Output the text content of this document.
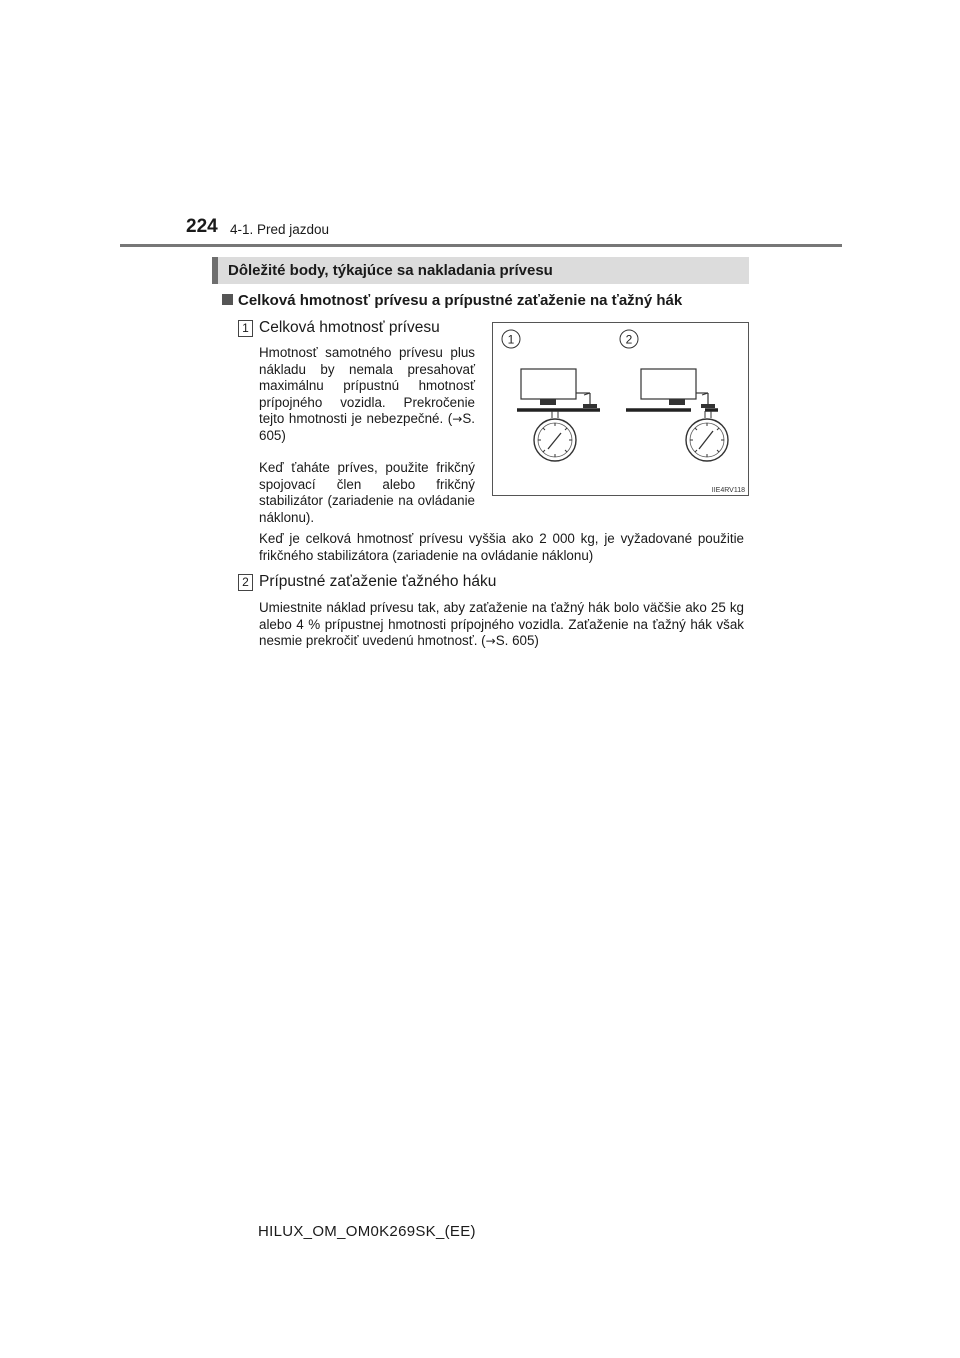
224 4-1. Pred jazdou
Dôležité body, týkajúce sa nakladania prívesu
Celková hmotnosť prívesu a prípustné zaťaženie na ťažný hák
1 Celková hmotnosť prívesu
Hmotnosť samotného prívesu plus nákladu by nemala presahovať maximálnu prípustnú hmotnosť prípojného vozidla. Prekročenie tejto hmotnosti je nebezpečné. (→S. 605)
Keď ťaháte príves, použite frikčný spojovací člen alebo frikčný stabilizátor (zariadenie na ovládanie náklonu).
Keď je celková hmotnosť prívesu vyššia ako 2 000 kg, je vyžadované použitie frikčného stabilizátora (zariadenie na ovládanie náklonu)
2 Prípustné zaťaženie ťažného háku
Umiestnite náklad prívesu tak, aby zaťaženie na ťažný hák bolo väčšie ako 25 kg alebo 4 % prípustnej hmotnosti prípojného vozidla. Zaťaženie na ťažný hák však nesmie prekročiť uvedenú hmotnosť. (→S. 605)
1	2
IIE4RV118
HILUX_OM_OM0K269SK_(EE)
